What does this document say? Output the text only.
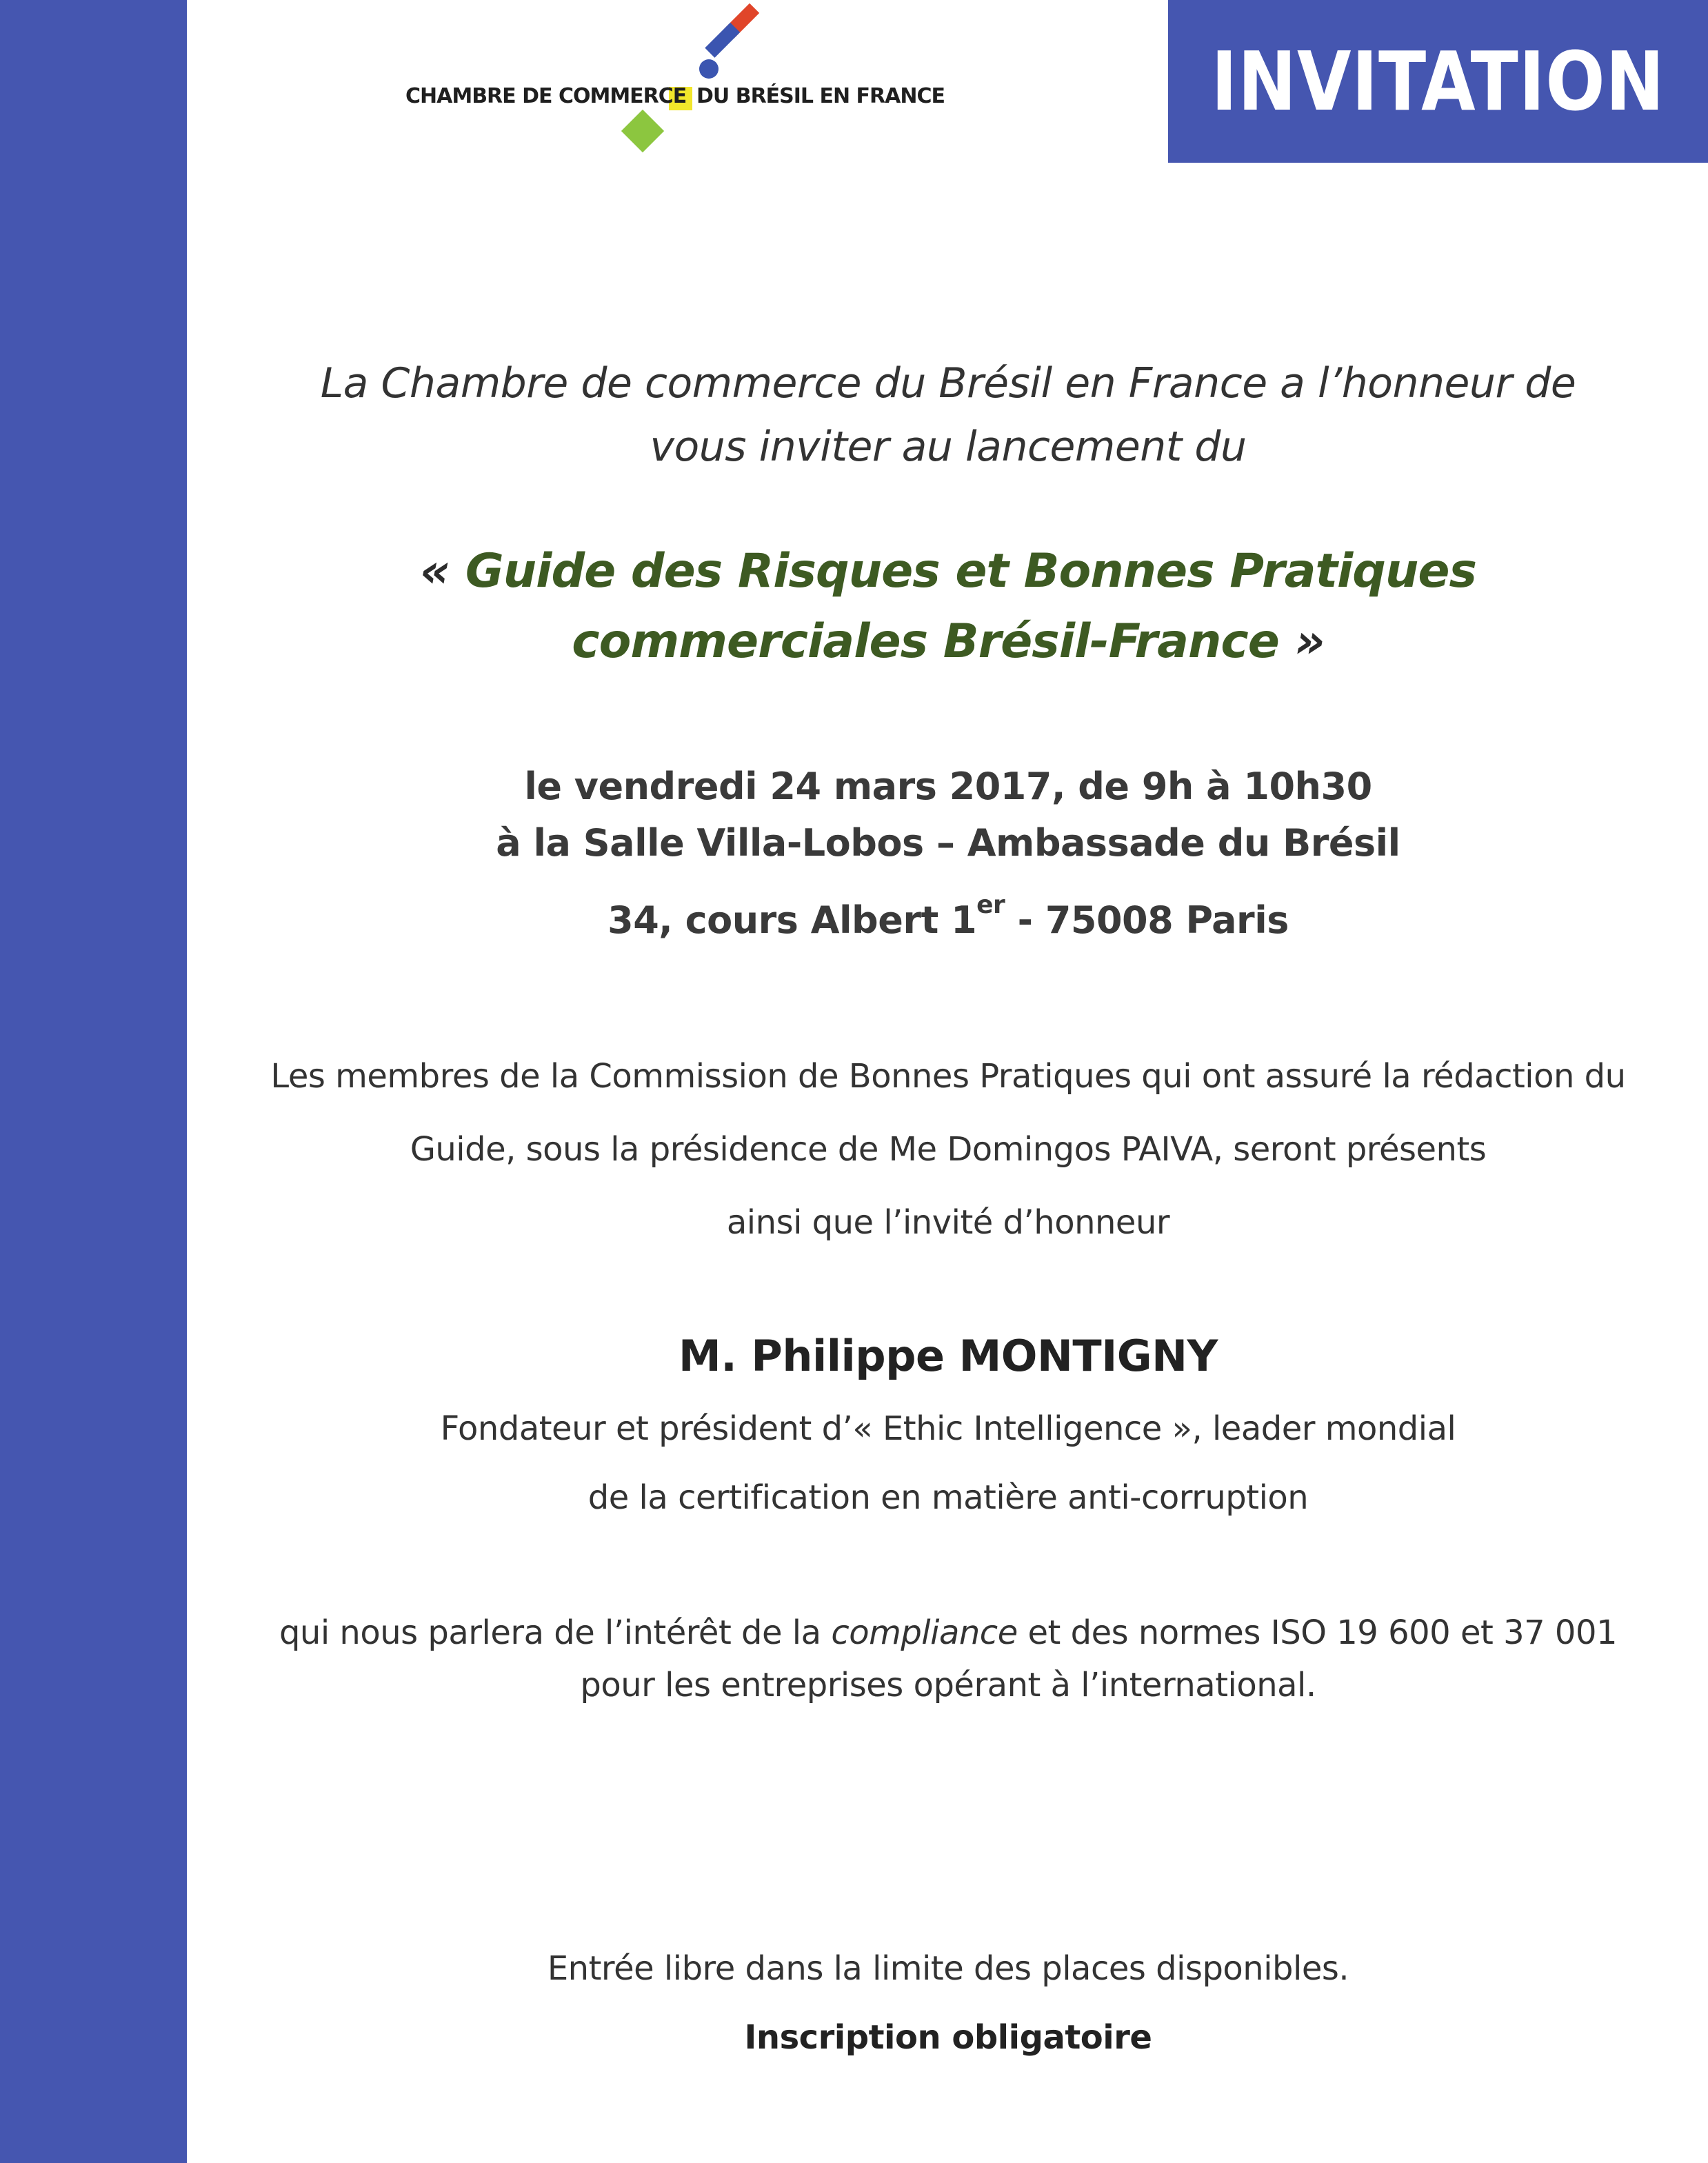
INVITATION
CHAMBRE DE COMMERCE DU BRÉSIL EN FRANCE
La Chambre de commerce du Brésil en France a l’honneur de
vous inviter au lancement du
« Guide des Risques et Bonnes Pratiques
commerciales Brésil-France »
le vendredi 24 mars 2017, de 9h à 10h30
à la Salle Villa-Lobos – Ambassade du Brésil
34, cours Albert 1er - 75008 Paris
Les membres de la Commission de Bonnes Pratiques qui ont assuré la rédaction du
Guide, sous la présidence de Me Domingos PAIVA, seront présents
ainsi que l’invité d’honneur
M. Philippe MONTIGNY
Fondateur et président d’« Ethic Intelligence », leader mondial
de la certification en matière anti-corruption
qui nous parlera de l’intérêt de la compliance et des normes ISO 19 600 et 37 001
pour les entreprises opérant à l’international.
Entrée libre dans la limite des places disponibles.
Inscription obligatoire
